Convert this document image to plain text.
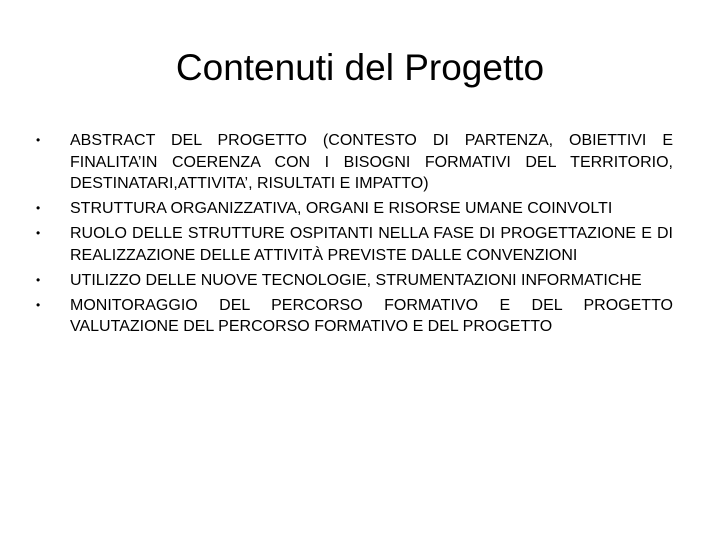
Contenuti del Progetto
•	ABSTRACT DEL PROGETTO (CONTESTO DI PARTENZA, OBIETTIVI E FINALITA’IN COERENZA CON I BISOGNI FORMATIVI DEL TERRITORIO, DESTINATARI,ATTIVITA’, RISULTATI E IMPATTO)
•	STRUTTURA ORGANIZZATIVA, ORGANI E RISORSE UMANE COINVOLTI
•	RUOLO DELLE STRUTTURE OSPITANTI NELLA FASE DI PROGETTAZIONE E DI REALIZZAZIONE DELLE ATTIVITÀ PREVISTE DALLE CONVENZIONI
•	UTILIZZO DELLE NUOVE TECNOLOGIE, STRUMENTAZIONI INFORMATICHE
•	MONITORAGGIO DEL PERCORSO FORMATIVO E DEL PROGETTO VALUTAZIONE DEL PERCORSO FORMATIVO E DEL PROGETTO
